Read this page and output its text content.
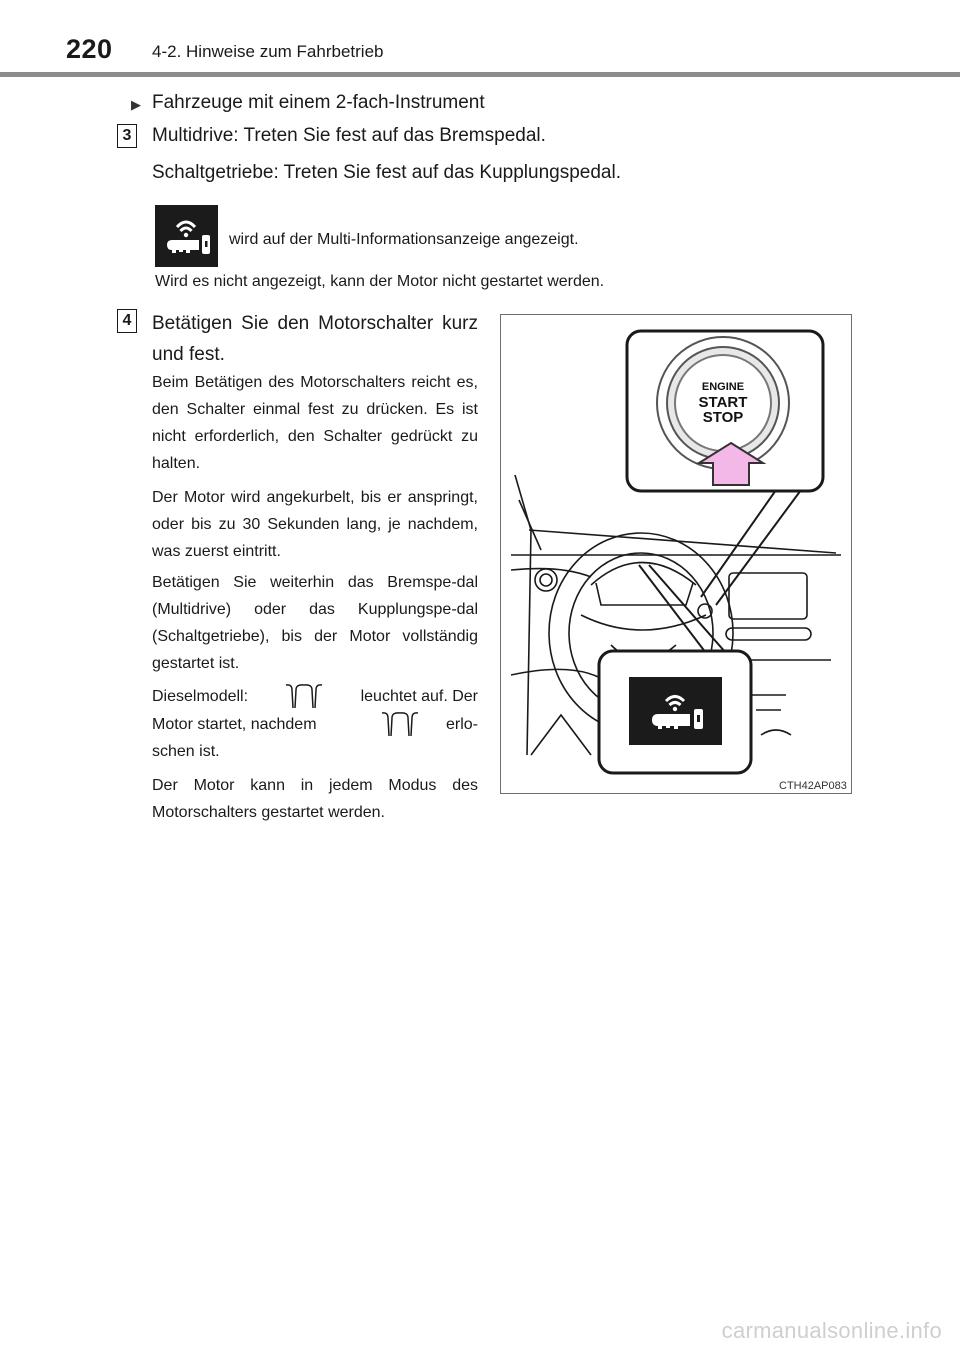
220 4-2. Hinweise zum Fahrbetrieb
▶ Fahrzeuge mit einem 2-fach-Instrument
3 Multidrive: Treten Sie fest auf das Bremspedal.
Schaltgetriebe: Treten Sie fest auf das Kupplungspedal.
wird auf der Multi-Informationsanzeige angezeigt.
Wird es nicht angezeigt, kann der Motor nicht gestartet werden.
4 Betätigen Sie den Motorschalter kurz und fest.
Beim Betätigen des Motorschalters reicht es, den Schalter einmal fest zu drücken. Es ist nicht erforderlich, den Schalter gedrückt zu halten.
Der Motor wird angekurbelt, bis er anspringt, oder bis zu 30 Sekunden lang, je nachdem, was zuerst eintritt.
Betätigen Sie weiterhin das Bremspe-dal (Multidrive) oder das Kupplungspe-dal (Schaltgetriebe), bis der Motor vollständig gestartet ist.
Dieselmodell:	leuchtet auf. Der
Motor startet, nachdem	erlo-
schen ist.
Der Motor kann in jedem Modus des Motorschalters gestartet werden.
ENGINE
START
STOP
CTH42AP083
carmanualsonline.info
